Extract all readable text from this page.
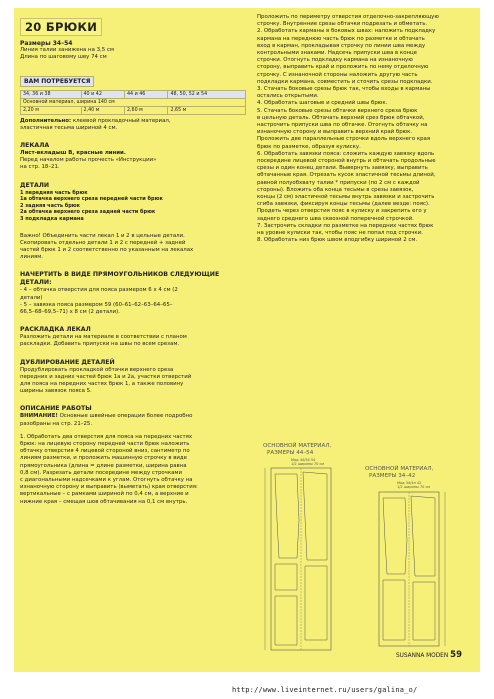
20 БРЮКИ

Размеры 34–54

Линия талии занижена на 3,5 см

Длина по шаговому шву 74 см

ВАМ ПОТРЕБУЕТСЯ
34, 36 и 38	40 и 42	44 и 46	48, 50, 52 и 54
Основной материал, ширина 140 см			
2,20 м	2,40 м	2,60 м	2,65 м

Дополнительно: клеевой прокладочный материал,

эластичная тесьма шириной 4 см.

ЛЕКАЛА

Лист-вкладыш В, красные линии.

Перед началом работы прочесть «Инструкции»

на стр. 18–21.

ДЕТАЛИ

1 передняя часть брюк

1а обтачка верхнего среза передней части брюк

2 задняя часть брюк

2а обтачка верхнего среза задней части брюк

3 подкладка кармана

Важно! Объединить части лекал 1 и 2 в цельные детали.

Скопировать отдельно детали 1 и 2 с передней + задней

частей брюк 1 и 2 соответственно по указанным на лекалах

линиям.

НАЧЕРТИТЬ В ВИДЕ ПРЯМОУГОЛЬНИКОВ СЛЕДУЮЩИЕ

ДЕТАЛИ:

- 4 – обтачка отверстия для пояса размером 6 х 4 см (2

детали)

- 5 – завязка пояса размером 59 (60–61–62–63–64–65–

66,5–68–69,5–71) х 8 см (2 детали).

РАСКЛАДКА ЛЕКАЛ

Разложить детали на материале в соответствии с планом

раскладки. Добавить припуски на швы по всем срезам.

ДУБЛИРОВАНИЕ ДЕТАЛЕЙ

Продублировать прокладкой обтачки верхнего среза

передних и задних частей брюк 1а и 2а, участки отверстий

для пояса на передних частях брюк 1, а также половину

ширины завязок пояса 5.

ОПИСАНИЕ РАБОТЫ

ВНИМАНИЕ! Основные швейные операции более подробно

разобраны на стр. 21–25.

1. Обработать два отверстия для пояса на передних частях

брюк: на лицевую сторону передней части брюк наложить

обтачку отверстия 4 лицевой стороной вниз, сантиметр по

линиям разметки, и проложить машинную строчку в виде

прямоугольника (длина = длине разметки, ширина равна

0,8 см). Разрезать детали посередине между строчками

с диагональными надсечками к углам. Отогнуть обтачку на

изнаночную сторону и выправить (выметать) края отверстия:

вертикальные – с рамками шириной по 0,4 см, а верхние и

нижние края – смещая шов обтачивания на 0,1 см внутрь.

Проложить по периметру отверстия отделочно-закрепляющую

строчку. Внутренние срезы обтачки подрезать и обметать.

2. Обработать карманы в боковых швах: наложить подкладку

кармана на переднюю часть брюк по разметке и обтачать

вход в карман, прокладывая строчку по линии шва между

контрольными знаками. Надсечь припуски шва в конце

строчки. Отогнуть подкладку кармана на изнаночную

сторону, выправить край и проложить по нему отделочную

строчку. С изнаночной стороны наложить другую часть

подкладки кармана, совместить и сточить срезы подкладки.

3. Стачать боковые срезы брюк так, чтобы входы в карманы

остались открытыми.

4. Обработать шаговые и средний швы брюк.

5. Стачать боковые срезы обтачки верхнего среза брюк

в цельную деталь. Обтачать верхний срез брюк обтачкой,

настрочить припуски шва по обтачке. Отогнуть обтачку на

изнаночную сторону и выправить верхний край брюк.

Проложить две параллельные строчки вдоль верхнего края

брюк по разметке, образуя кулиску.

6. Обработать завязки пояса: сложить каждую завязку вдоль

посередине лицевой стороной внутрь и обтачать продольные

срезы и один конец детали. Вывернуть завязку, выправить

обтачанные края. Отрезать кусок эластичной тесьмы длиной,

равной полуобхвату талии * припуски (по 2 см с каждой

стороны). Вложить оба конца тесьмы в срезы завязок,

концы (2 см) эластичной тесьмы внутрь завязки и застрочить

сгиба завязки, фиксируя концы тесьмы (далее везде: пояс).

Продеть через отверстия пояс в кулиску и закрепить его у

заднего среднего шва сквозной поперечной строчкой.

7. Застрочить складки по разметке на передних частях брюк

на уровне кулиски так, чтобы пояс не попал под строчки.

8. Обработать низ брюк швом вподгибку шириной 2 см.

ОСНОВНОЙ МАТЕРИАЛ,
РАЗМЕРЫ 44–54
Мод 44/54 54
1/2 ширины 70 см
ОСНОВНОЙ МАТЕРИАЛ,
РАЗМЕРЫ 34–42
Мод 34/4л 42
1/2 ширины 70 см
SUSANNA MODEN 59
http://www.liveinternet.ru/users/galina_o/
